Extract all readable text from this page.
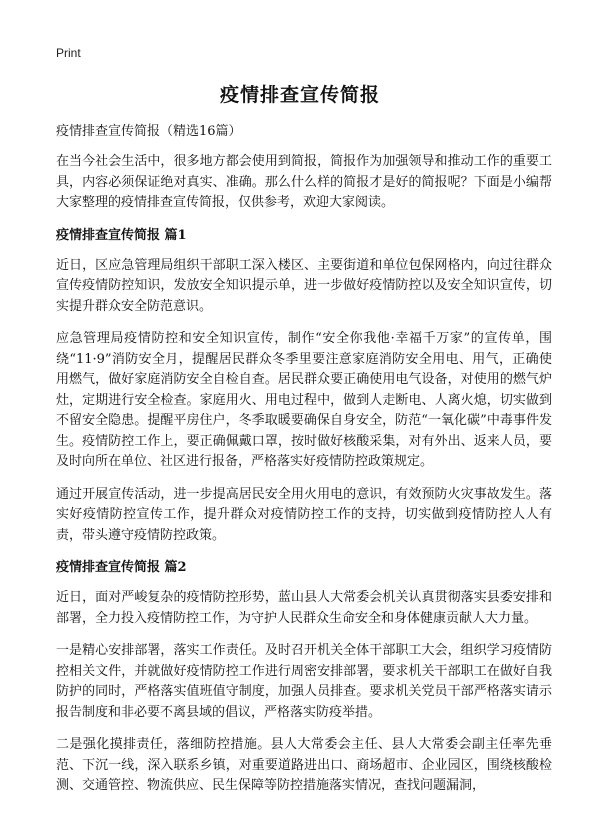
Print
疫情排查宣传简报
疫情排查宣传简报（精选16篇）

在当今社会生活中，很多地方都会使用到简报，简报作为加强领导和推动工作的重要工具，内容必须保证绝对真实、准确。那么什么样的简报才是好的简报呢？下面是小编帮大家整理的疫情排查宣传简报，仅供参考，欢迎大家阅读。

疫情排查宣传简报 篇1

近日，区应急管理局组织干部职工深入楼区、主要街道和单位包保网格内，向过往群众宣传疫情防控知识，发放安全知识提示单，进一步做好疫情防控以及安全知识宣传，切实提升群众安全防范意识。

应急管理局疫情防控和安全知识宣传，制作“安全你我他·幸福千万家”的宣传单，围绕“11·9”消防安全月，提醒居民群众冬季里要注意家庭消防安全用电、用气，正确使用燃气，做好家庭消防安全自检自查。居民群众要正确使用电气设备，对使用的燃气炉灶，定期进行安全检查。家庭用火、用电过程中，做到人走断电、人离火熄，切实做到不留安全隐患。提醒平房住户，冬季取暖要确保自身安全，防范“一氧化碳”中毒事件发生。疫情防控工作上，要正确佩戴口罩，按时做好核酸采集，对有外出、返来人员，要及时向所在单位、社区进行报备，严格落实好疫情防控政策规定。

通过开展宣传活动，进一步提高居民安全用火用电的意识，有效预防火灾事故发生。落实好疫情防控宣传工作，提升群众对疫情防控工作的支持，切实做到疫情防控人人有责，带头遵守疫情防控政策。

疫情排查宣传简报 篇2

近日，面对严峻复杂的疫情防控形势，蓝山县人大常委会机关认真贯彻落实县委安排和部署，全力投入疫情防控工作，为守护人民群众生命安全和身体健康贡献人大力量。

一是精心安排部署，落实工作责任。及时召开机关全体干部职工大会，组织学习疫情防控相关文件，并就做好疫情防控工作进行周密安排部署，要求机关干部职工在做好自我防护的同时，严格落实值班值守制度，加强人员排查。要求机关党员干部严格落实请示报告制度和非必要不离县域的倡议，严格落实防疫举措。

二是强化摸排责任，落细防控措施。县人大常委会主任、县人大常委会副主任率先垂范、下沉一线，深入联系乡镇，对重要道路进出口、商场超市、企业园区，围绕核酸检测、交通管控、物流供应、民生保障等防控措施落实情况，查找问题漏洞，
